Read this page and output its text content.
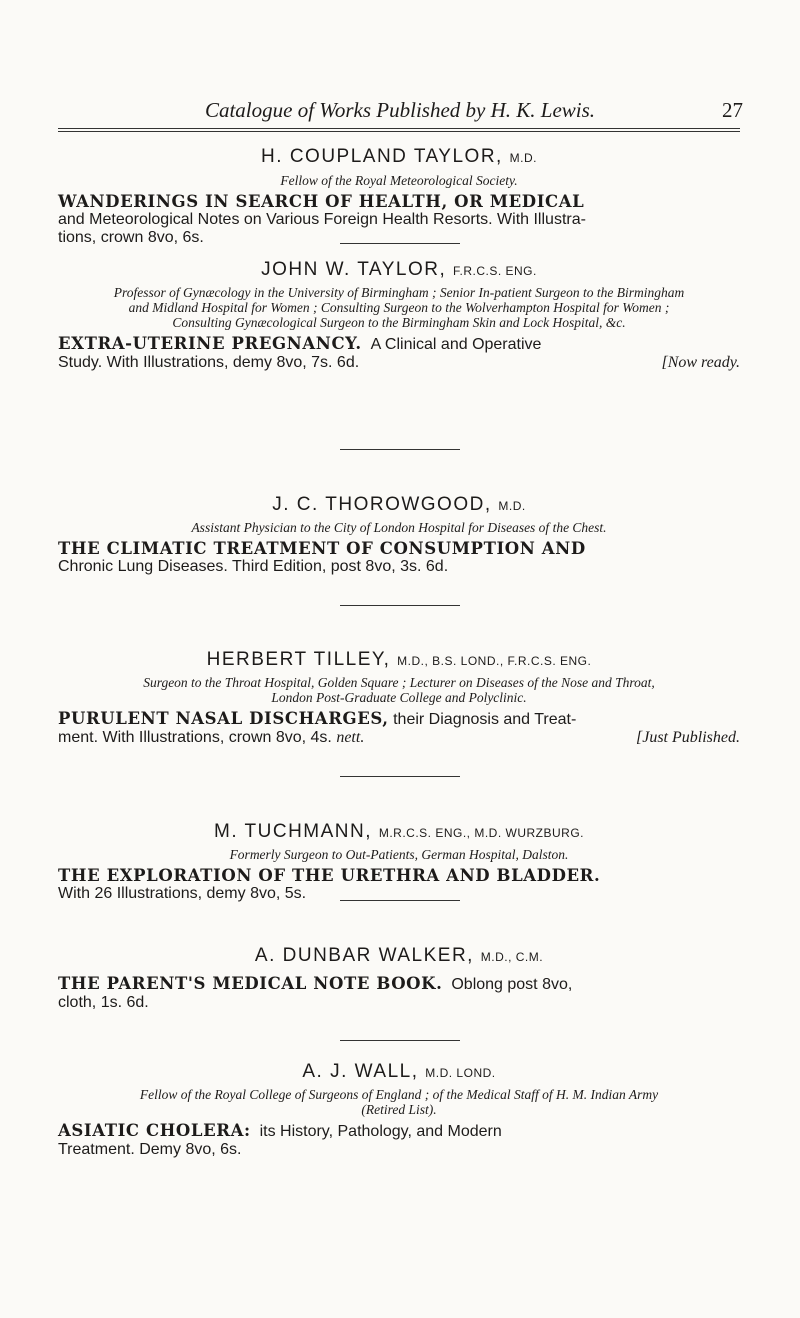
Catalogue of Works Published by H. K. Lewis.	27
H. COUPLAND TAYLOR, M.D.
Fellow of the Royal Meteorological Society.
WANDERINGS IN SEARCH OF HEALTH, OR MEDICAL
and Meteorological Notes on Various Foreign Health Resorts. With Illustra-
tions, crown 8vo, 6s.
JOHN W. TAYLOR, F.R.C.S. ENG.
Professor of Gynæcology in the University of Birmingham ; Senior In-patient Surgeon to the Birmingham
and Midland Hospital for Women ; Consulting Surgeon to the Wolverhampton Hospital for Women ;
Consulting Gynæcological Surgeon to the Birmingham Skin and Lock Hospital, &c.
EXTRA-UTERINE PREGNANCY. A Clinical and Operative
Study. With Illustrations, demy 8vo, 7s. 6d.	[Now ready.
J. C. THOROWGOOD, M.D.
Assistant Physician to the City of London Hospital for Diseases of the Chest.
THE CLIMATIC TREATMENT OF CONSUMPTION AND
Chronic Lung Diseases. Third Edition, post 8vo, 3s. 6d.
HERBERT TILLEY, M.D., B.S. LOND., F.R.C.S. ENG.
Surgeon to the Throat Hospital, Golden Square ; Lecturer on Diseases of the Nose and Throat,
London Post-Graduate College and Polyclinic.
PURULENT NASAL DISCHARGES, their Diagnosis and Treat-
ment. With Illustrations, crown 8vo, 4s. nett.	[Just Published.
M. TUCHMANN, M.R.C.S. ENG., M.D. WURZBURG.
Formerly Surgeon to Out-Patients, German Hospital, Dalston.
THE EXPLORATION OF THE URETHRA AND BLADDER.
With 26 Illustrations, demy 8vo, 5s.
A. DUNBAR WALKER, M.D., C.M.
THE PARENT'S MEDICAL NOTE BOOK. Oblong post 8vo,
cloth, 1s. 6d.
A. J. WALL, M.D. LOND.
Fellow of the Royal College of Surgeons of England ; of the Medical Staff of H. M. Indian Army
(Retired List).
ASIATIC CHOLERA: its History, Pathology, and Modern
Treatment. Demy 8vo, 6s.
